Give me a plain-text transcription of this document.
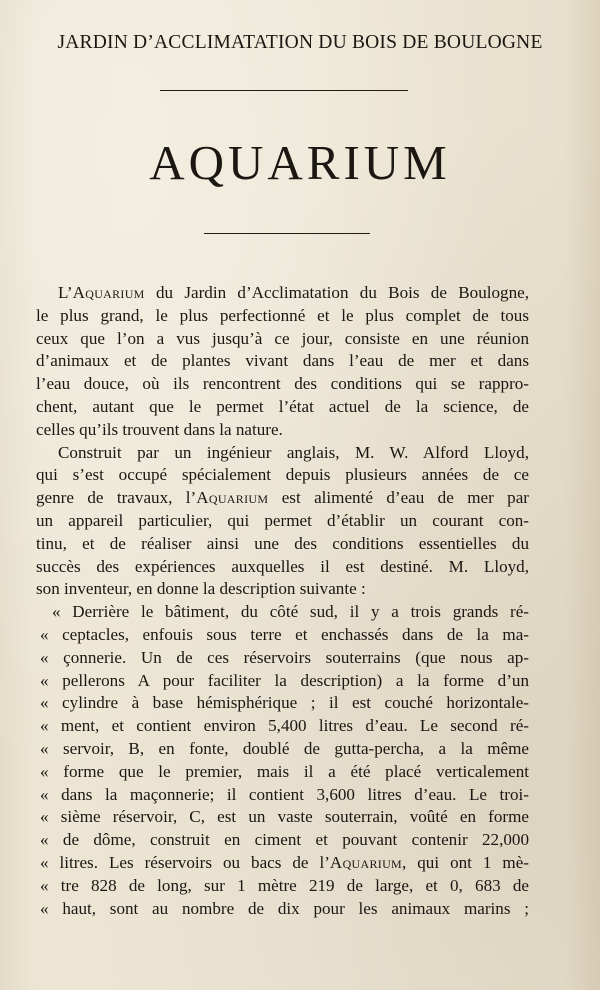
JARDIN D’ACCLIMATATION DU BOIS DE BOULOGNE
AQUARIUM
L’Aquarium du Jardin d’Acclimatation du Bois de Boulogne,
le plus grand, le plus perfectionné et le plus complet de tous
ceux que l’on a vus jusqu’à ce jour, consiste en une réunion
d’animaux et de plantes vivant dans l’eau de mer et dans
l’eau douce, où ils rencontrent des conditions qui se rappro-
chent, autant que le permet l’état actuel de la science, de
celles qu’ils trouvent dans la nature.
Construit par un ingénieur anglais, M. W. Alford Lloyd,
qui s’est occupé spécialement depuis plusieurs années de ce
genre de travaux, l’Aquarium est alimenté d’eau de mer par
un appareil particulier, qui permet d’établir un courant con-
tinu, et de réaliser ainsi une des conditions essentielles du
succès des expériences auxquelles il est destiné. M. Lloyd,
son inventeur, en donne la description suivante :
« Derrière le bâtiment, du côté sud, il y a trois grands ré-
« ceptacles, enfouis sous terre et enchassés dans de la ma-
« çonnerie. Un de ces réservoirs souterrains (que nous ap-
« pellerons A pour faciliter la description) a la forme d’un
« cylindre à base hémisphérique ; il est couché horizontale-
« ment, et contient environ 5,400 litres d’eau. Le second ré-
« servoir, B, en fonte, doublé de gutta-percha, a la même
« forme que le premier, mais il a été placé verticalement
« dans la maçonnerie; il contient 3,600 litres d’eau. Le troi-
« sième réservoir, C, est un vaste souterrain, voûté en forme
« de dôme, construit en ciment et pouvant contenir 22,000
« litres. Les réservoirs ou bacs de l’Aquarium, qui ont 1 mè-
« tre 828 de long, sur 1 mètre 219 de large, et 0, 683 de
« haut, sont au nombre de dix pour les animaux marins ;
